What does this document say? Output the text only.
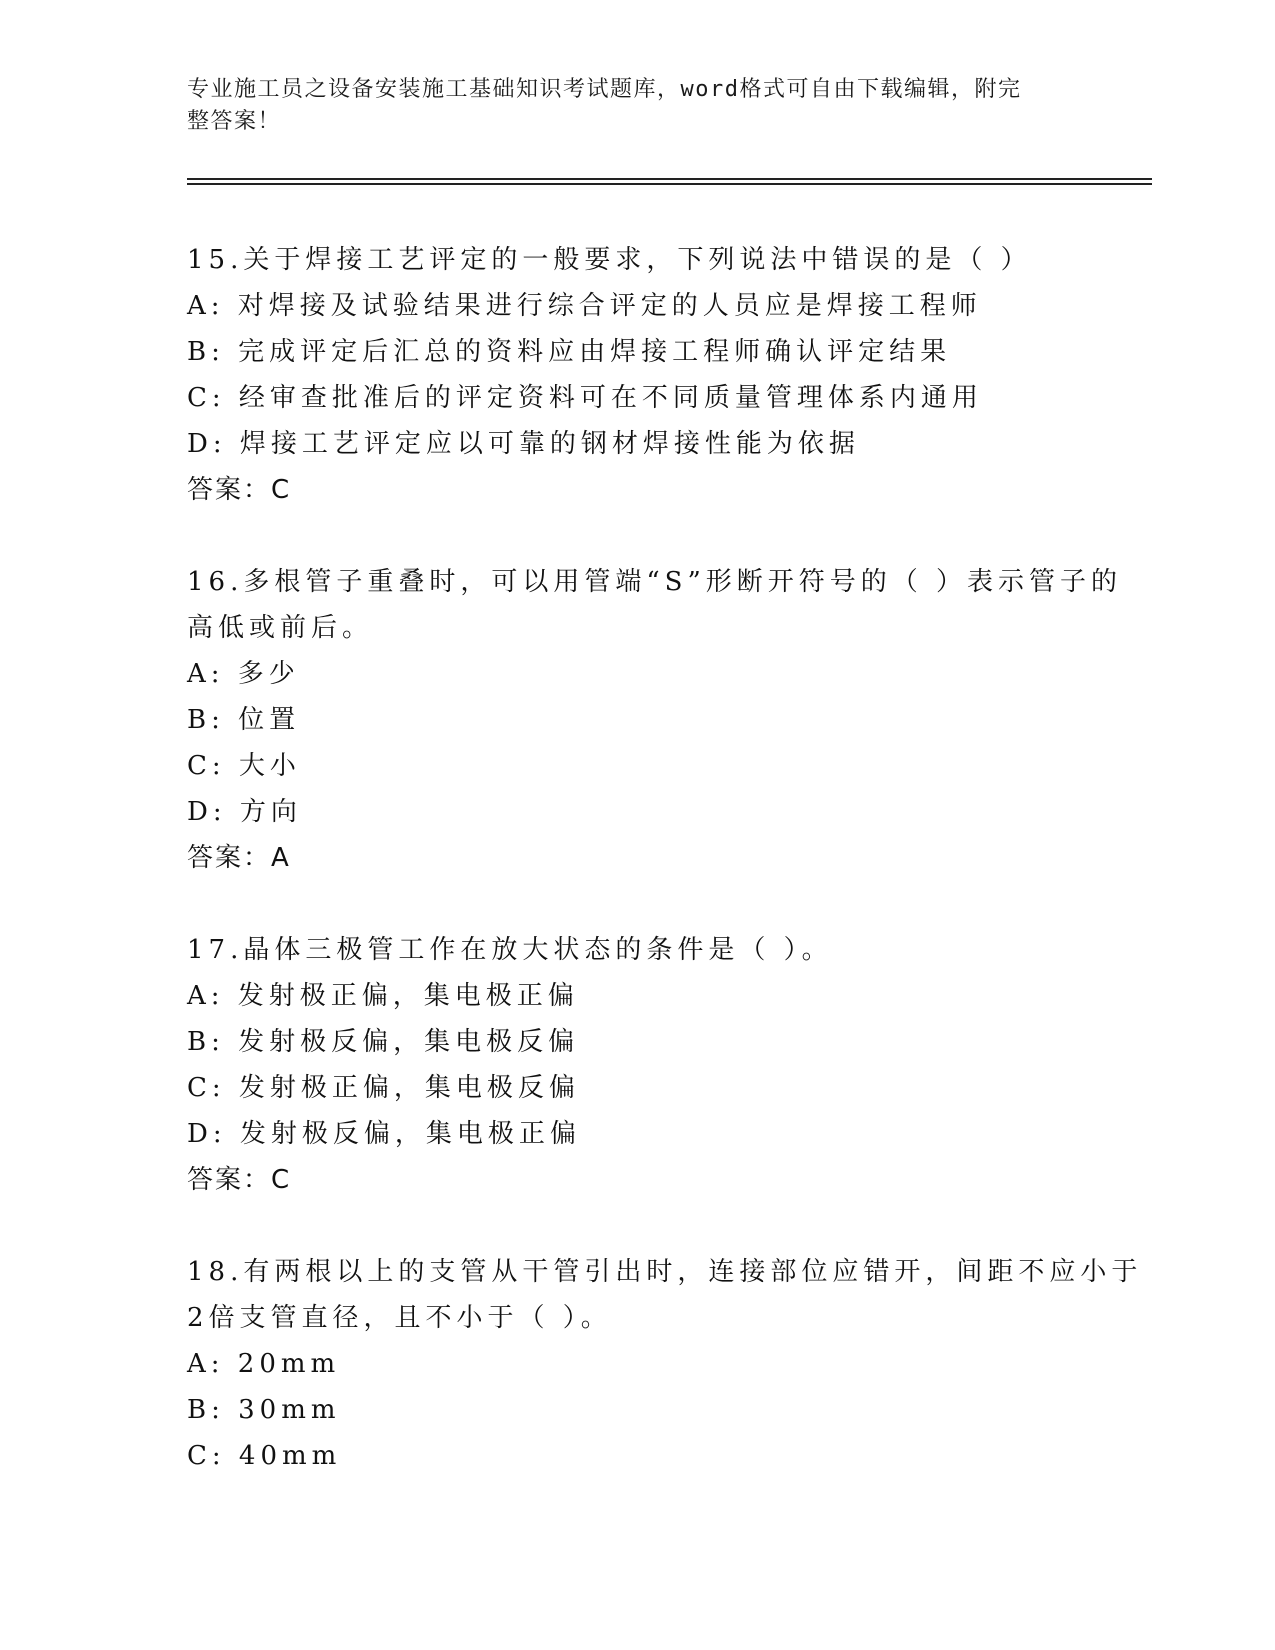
专业施工员之设备安装施工基础知识考试题库，word格式可自由下载编辑，附完
整答案！
15.关于焊接工艺评定的一般要求，下列说法中错误的是（ ）
A: 对焊接及试验结果进行综合评定的人员应是焊接工程师
B: 完成评定后汇总的资料应由焊接工程师确认评定结果
C: 经审查批准后的评定资料可在不同质量管理体系内通用
D: 焊接工艺评定应以可靠的钢材焊接性能为依据
答案：C
16.多根管子重叠时，可以用管端“S”形断开符号的（ ）表示管子的
高低或前后。
A: 多少
B: 位置
C: 大小
D: 方向
答案：A
17.晶体三极管工作在放大状态的条件是（ ）。
A: 发射极正偏，集电极正偏
B: 发射极反偏，集电极反偏
C: 发射极正偏，集电极反偏
D: 发射极反偏，集电极正偏
答案：C
18.有两根以上的支管从干管引出时，连接部位应错开，间距不应小于
2倍支管直径，且不小于（ ）。
A: 20mm
B: 30mm
C: 40mm
